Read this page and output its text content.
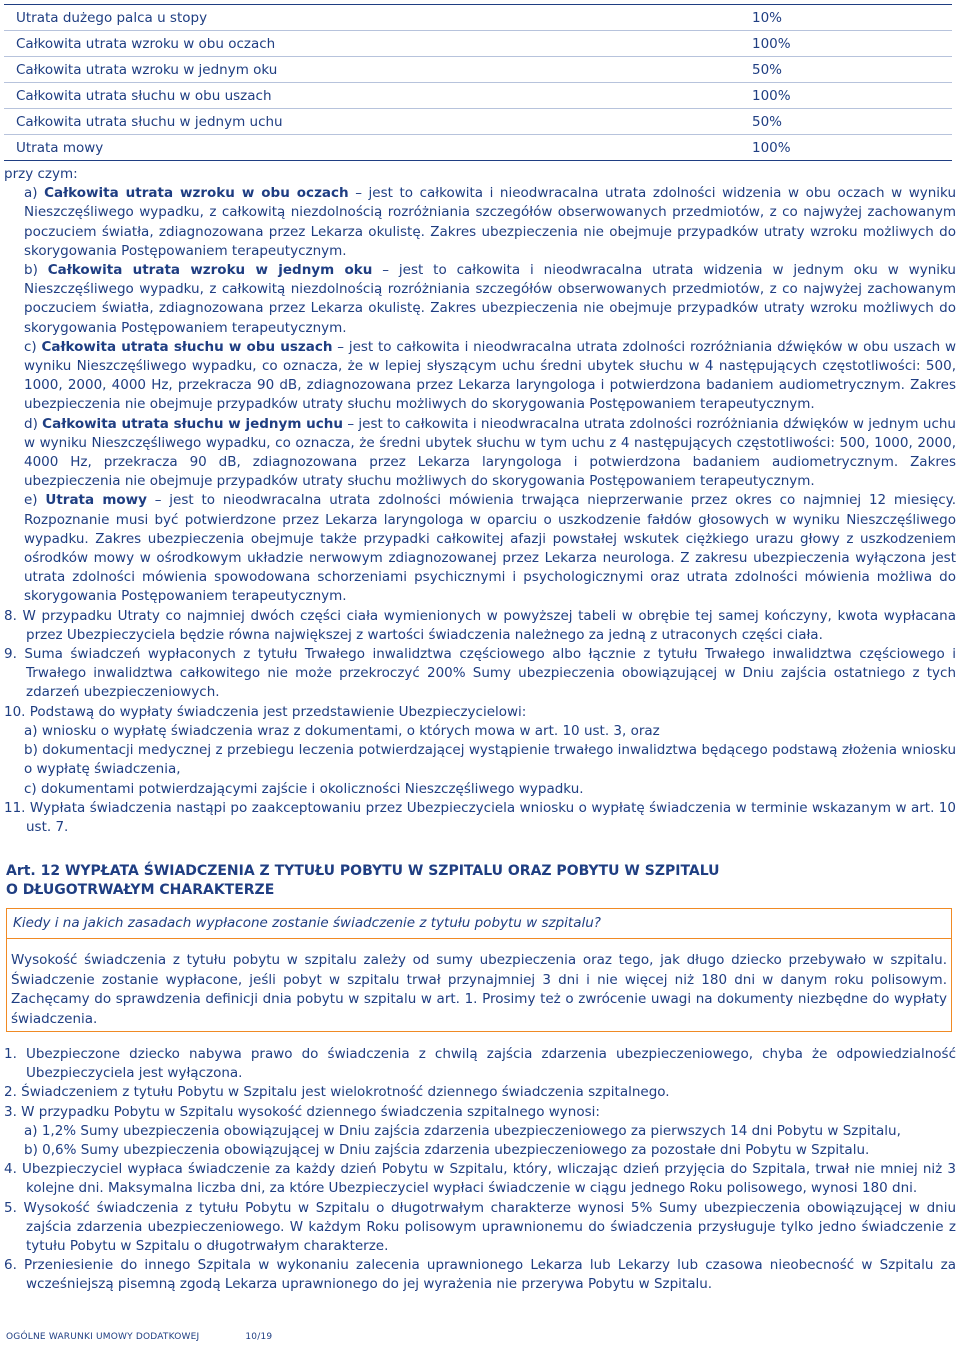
Utrata dużego palca u stopy	10%
Całkowita utrata wzroku w obu oczach	100%
Całkowita utrata wzroku w jednym oku	50%
Całkowita utrata słuchu w obu uszach	100%
Całkowita utrata słuchu w jednym uchu	50%
Utrata mowy	100%

przy czym:

a) Całkowita utrata wzroku w obu oczach – jest to całkowita i nieodwracalna utrata zdolności widzenia w obu oczach w wyniku Nieszczęśliwego wypadku, z całkowitą niezdolnością rozróżniania szczegółów obserwowanych przedmiotów, z co najwyżej zachowanym poczuciem światła, zdiagnozowana przez Lekarza okulistę. Zakres ubezpieczenia nie obejmuje przypadków utraty wzroku możliwych do skorygowania Postępowaniem terapeutycznym.

b) Całkowita utrata wzroku w jednym oku – jest to całkowita i nieodwracalna utrata widzenia w jednym oku w wyniku Nieszczęśliwego wypadku, z całkowitą niezdolnością rozróżniania szczegółów obserwowanych przedmiotów, z co najwyżej zachowanym poczuciem światła, zdiagnozowana przez Lekarza okulistę. Zakres ubezpieczenia nie obejmuje przypadków utraty wzroku możliwych do skorygowania Postępowaniem terapeutycznym.

c) Całkowita utrata słuchu w obu uszach – jest to całkowita i nieodwracalna utrata zdolności rozróżniania dźwięków w obu uszach w wyniku Nieszczęśliwego wypadku, co oznacza, że w lepiej słyszącym uchu średni ubytek słuchu w 4 następujących częstotliwości: 500, 1000, 2000, 4000 Hz, przekracza 90 dB, zdiagnozowana przez Lekarza laryngologa i potwierdzona badaniem audiometrycznym. Zakres ubezpieczenia nie obejmuje przypadków utraty słuchu możliwych do skorygowania Postępowaniem terapeutycznym.

d) Całkowita utrata słuchu w jednym uchu – jest to całkowita i nieodwracalna utrata zdolności rozróżniania dźwięków w jednym uchu w wyniku Nieszczęśliwego wypadku, co oznacza, że średni ubytek słuchu w tym uchu z 4 następujących częstotliwości: 500, 1000, 2000, 4000 Hz, przekracza 90 dB, zdiagnozowana przez Lekarza laryngologa i potwierdzona badaniem audiometrycznym. Zakres ubezpieczenia nie obejmuje przypadków utraty słuchu możliwych do skorygowania Postępowaniem terapeutycznym.

e) Utrata mowy – jest to nieodwracalna utrata zdolności mówienia trwająca nieprzerwanie przez okres co najmniej 12 miesięcy. Rozpoznanie musi być potwierdzone przez Lekarza laryngologa w oparciu o uszkodzenie fałdów głosowych w wyniku Nieszczęśliwego wypadku. Zakres ubezpieczenia obejmuje także przypadki całkowitej afazji powstałej wskutek ciężkiego urazu głowy z uszkodzeniem ośrodków mowy w ośrodkowym układzie nerwowym zdiagnozowanej przez Lekarza neurologa. Z zakresu ubezpieczenia wyłączona jest utrata zdolności mówienia spowodowana schorzeniami psychicznymi i psychologicznymi oraz utrata zdolności mówienia możliwa do skorygowania Postępowaniem terapeutycznym.

8. W przypadku Utraty co najmniej dwóch części ciała wymienionych w powyższej tabeli w obrębie tej samej kończyny, kwota wypłacana przez Ubezpieczyciela będzie równa największej z wartości świadczenia należnego za jedną z utraconych części ciała.

9. Suma świadczeń wypłaconych z tytułu Trwałego inwalidztwa częściowego albo łącznie z tytułu Trwałego inwalidztwa częściowego i Trwałego inwalidztwa całkowitego nie może przekroczyć 200% Sumy ubezpieczenia obowiązującej w Dniu zajścia ostatniego z tych zdarzeń ubezpieczeniowych.

10. Podstawą do wypłaty świadczenia jest przedstawienie Ubezpieczycielowi:

a) wniosku o wypłatę świadczenia wraz z dokumentami, o których mowa w art. 10 ust. 3, oraz

b) dokumentacji medycznej z przebiegu leczenia potwierdzającej wystąpienie trwałego inwalidztwa będącego podstawą złożenia wniosku o wypłatę świadczenia,

c) dokumentami potwierdzającymi zajście i okoliczności Nieszczęśliwego wypadku.

11. Wypłata świadczenia nastąpi po zaakceptowaniu przez Ubezpieczyciela wniosku o wypłatę świadczenia w terminie wskazanym w art. 10 ust. 7.

Art. 12 WYPŁATA ŚWIADCZENIA Z TYTUŁU POBYTU W SZPITALU ORAZ POBYTU W SZPITALU
O DŁUGOTRWAŁYM CHARAKTERZE
Kiedy i na jakich zasadach wypłacone zostanie świadczenie z tytułu pobytu w szpitalu?
Wysokość świadczenia z tytułu pobytu w szpitalu zależy od sumy ubezpieczenia oraz tego, jak długo dziecko przebywało w szpitalu. Świadczenie zostanie wypłacone, jeśli pobyt w szpitalu trwał przynajmniej 3 dni i nie więcej niż 180 dni w danym roku polisowym. Zachęcamy do sprawdzenia definicji dnia pobytu w szpitalu w art. 1. Prosimy też o zwrócenie uwagi na dokumenty niezbędne do wypłaty świadczenia.

1. Ubezpieczone dziecko nabywa prawo do świadczenia z chwilą zajścia zdarzenia ubezpieczeniowego, chyba że odpowiedzialność Ubezpieczyciela jest wyłączona.

2. Świadczeniem z tytułu Pobytu w Szpitalu jest wielokrotność dziennego świadczenia szpitalnego.

3. W przypadku Pobytu w Szpitalu wysokość dziennego świadczenia szpitalnego wynosi:

a) 1,2% Sumy ubezpieczenia obowiązującej w Dniu zajścia zdarzenia ubezpieczeniowego za pierwszych 14 dni Pobytu w Szpitalu,

b) 0,6% Sumy ubezpieczenia obowiązującej w Dniu zajścia zdarzenia ubezpieczeniowego za pozostałe dni Pobytu w Szpitalu.

4. Ubezpieczyciel wypłaca świadczenie za każdy dzień Pobytu w Szpitalu, który, wliczając dzień przyjęcia do Szpitala, trwał nie mniej niż 3 kolejne dni. Maksymalna liczba dni, za które Ubezpieczyciel wypłaci świadczenie w ciągu jednego Roku polisowego, wynosi 180 dni.

5. Wysokość świadczenia z tytułu Pobytu w Szpitalu o długotrwałym charakterze wynosi 5% Sumy ubezpieczenia obowiązującej w dniu zajścia zdarzenia ubezpieczeniowego. W każdym Roku polisowym uprawnionemu do świadczenia przysługuje tylko jedno świadczenie z tytułu Pobytu w Szpitalu o długotrwałym charakterze.

6. Przeniesienie do innego Szpitala w wykonaniu zalecenia uprawnionego Lekarza lub Lekarzy lub czasowa nieobecność w Szpitalu za wcześniejszą pisemną zgodą Lekarza uprawnionego do jej wyrażenia nie przerywa Pobytu w Szpitalu.

OGÓLNE WARUNKI UMOWY DODATKOWEJ	10/19
